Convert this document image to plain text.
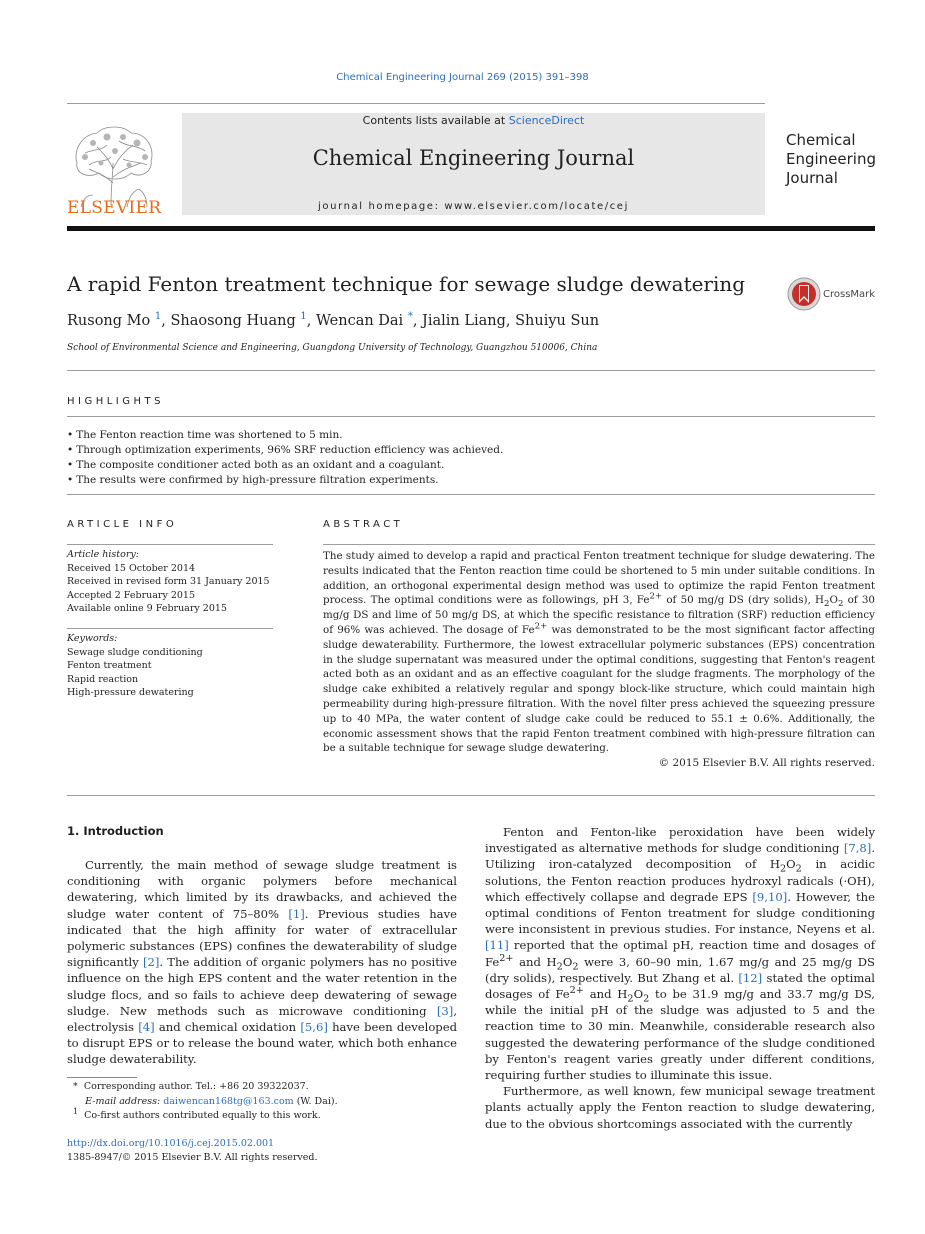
Chemical Engineering Journal 269 (2015) 391–398
ELSEVIER
Contents lists available at ScienceDirect
Chemical Engineering Journal
journal homepage: www.elsevier.com/locate/cej
Chemical
Engineering
Journal
A rapid Fenton treatment technique for sewage sludge dewatering	CrossMark
Rusong Mo $^1$, Shaosong Huang $^1$, Wencan Dai *, Jialin Liang, Shuiyu Sun
School of Environmental Science and Engineering, Guangdong University of Technology, Guangzhou 510006, China
HIGHLIGHTS
• The Fenton reaction time was shortened to 5 min.
• Through optimization experiments, 96% SRF reduction efficiency was achieved.
• The composite conditioner acted both as an oxidant and a coagulant.
• The results were confirmed by high-pressure filtration experiments.
ARTICLE INFO
Article history:
Received 15 October 2014
Received in revised form 31 January 2015
Accepted 2 February 2015
Available online 9 February 2015
Keywords:
Sewage sludge conditioning
Fenton treatment
Rapid reaction
High-pressure dewatering
ABSTRACT

The study aimed to develop a rapid and practical Fenton treatment technique for sludge dewatering. The results indicated that the Fenton reaction time could be shortened to 5 min under suitable conditions. In addition, an orthogonal experimental design method was used to optimize the rapid Fenton treatment process. The optimal conditions were as followings, pH 3, $Fe^{2+}$ of 50 mg/g DS (dry solids), $H_2O_2$ of 30 mg/g DS and lime of 50 mg/g DS, at which the specific resistance to filtration (SRF) reduction efficiency of 96% was achieved. The dosage of $Fe^{2+}$ was demonstrated to be the most significant factor affecting sludge dewaterability. Furthermore, the lowest extracellular polymeric substances (EPS) concentration in the sludge supernatant was measured under the optimal conditions, suggesting that Fenton's reagent acted both as an oxidant and as an effective coagulant for the sludge fragments. The morphology of the sludge cake exhibited a relatively regular and spongy block-like structure, which could maintain high permeability during high-pressure filtration. With the novel filter press achieved the squeezing pressure up to 40 MPa, the water content of sludge cake could be reduced to 55.1 ± 0.6%. Additionally, the economic assessment shows that the rapid Fenton treatment combined with high-pressure filtration can be a suitable technique for sewage sludge dewatering.

© 2015 Elsevier B.V. All rights reserved.
1. Introduction

Currently, the main method of sewage sludge treatment is conditioning with organic polymers before mechanical dewatering, which limited by its drawbacks, and achieved the sludge water content of 75–80% [1]. Previous studies have indicated that the high affinity for water of extracellular polymeric substances (EPS) confines the dewaterability of sludge significantly [2]. The addition of organic polymers has no positive influence on the high EPS content and the water retention in the sludge flocs, and so fails to achieve deep dewatering of sewage sludge. New methods such as microwave conditioning [3], electrolysis [4] and chemical oxidation [5,6] have been developed to disrupt EPS or to release the bound water, which both enhance sludge dewaterability.

Fenton and Fenton-like peroxidation have been widely investigated as alternative methods for sludge conditioning [7,8]. Utilizing iron-catalyzed decomposition of $H_2O_2$ in acidic solutions, the Fenton reaction produces hydroxyl radicals (·OH), which effectively collapse and degrade EPS [9,10]. However, the optimal conditions of Fenton treatment for sludge conditioning were inconsistent in previous studies. For instance, Neyens et al. [11] reported that the optimal pH, reaction time and dosages of $Fe^{2+}$ and $H_2O_2$ were 3, 60–90 min, 1.67 mg/g and 25 mg/g DS (dry solids), respectively. But Zhang et al. [12] stated the optimal dosages of $Fe^{2+}$ and $H_2O_2$ to be 31.9 mg/g and 33.7 mg/g DS, while the initial pH of the sludge was adjusted to 5 and the reaction time to 30 min. Meanwhile, considerable research also suggested the dewatering performance of the sludge conditioned by Fenton's reagent varies greatly under different conditions, requiring further studies to illuminate this issue.

Furthermore, as well known, few municipal sewage treatment plants actually apply the Fenton reaction to sludge dewatering, due to the obvious shortcomings associated with the currently

* Corresponding author. Tel.: +86 20 39322037.
E-mail address: daiwencan168tg@163.com (W. Dai).
$^1$ Co-first authors contributed equally to this work.
http://dx.doi.org/10.1016/j.cej.2015.02.001
1385-8947/© 2015 Elsevier B.V. All rights reserved.
